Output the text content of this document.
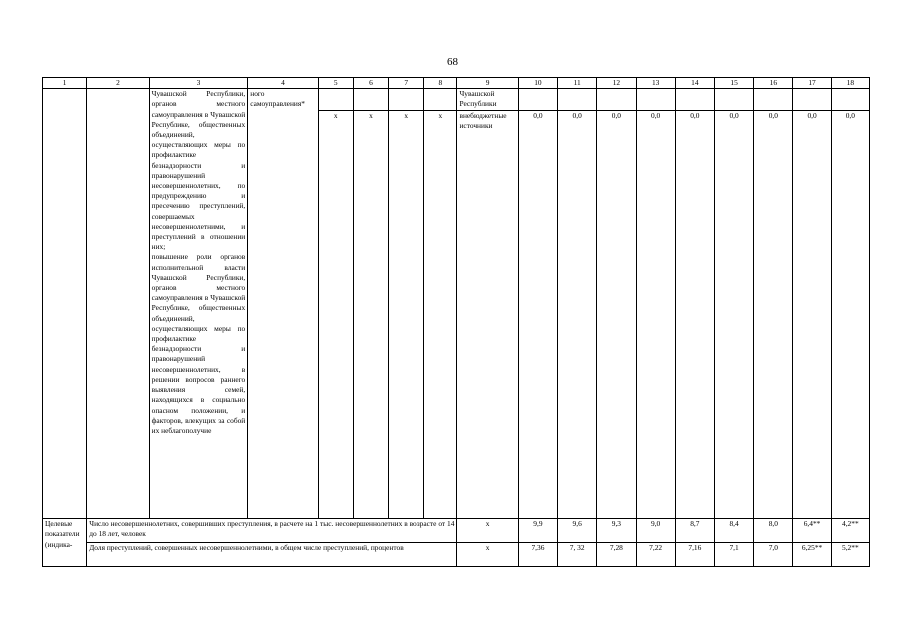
68
1	2	3	4	5	6	7	8	9	10	11	12	13	14	15	16	17	18
		Чувашской Республики, органов местного самоуправления в Чувашской Республике, общественных объединений, осуществляющих меры по профилактике безнадзорности и правонарушений несовершеннолетних, по предупреждению и пресечению преступлений, совершаемых несовершеннолетними, и преступлений в отношении них;
повышение роли органов исполнительной власти Чувашской Республики, органов местного самоуправления в Чувашской Республике, общественных объединений, осуществляющих меры по профилактике безнадзорности и правонарушений несовершеннолетних, в решении вопросов раннего выявления семей, находящихся в социально опасном положении, и факторов, влекущих за собой их неблагополучие	ного самоуправления*					Чувашской Республики									
				x	x	x	x	внебюджетные источники	0,0	0,0	0,0	0,0	0,0	0,0	0,0	0,0	0,0
Целевые показатели (индика-	Число несовершеннолетних, совершивших преступления, в расчете на 1 тыс. несовершеннолетних в возрасте от 14 до 18 лет, человек							x	9,9	9,6	9,3	9,0	8,7	8,4	8,0	6,4**	4,2**
	Доля преступлений, совершенных несовершеннолетними, в общем числе преступлений, процентов							x	7,36	7, 32	7,28	7,22	7,16	7,1	7,0	6,25**	5,2**
